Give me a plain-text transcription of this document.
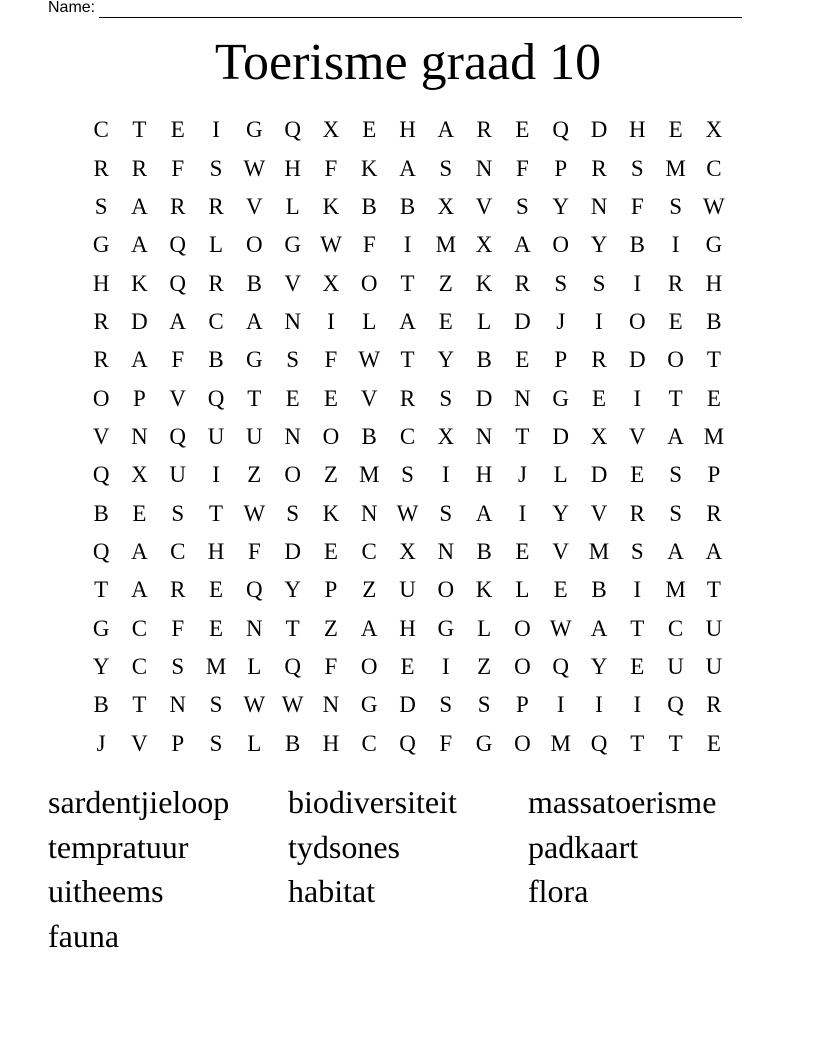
Name:
Toerisme graad 10
C	T	E	I	G Q X E H A R	E Q D H E X
R R	F	S W H	F	K A	S	N	F	P	R	S M C
S	A R R V L K B B X V	S	Y N	F	S W
G A Q L O G W F	I	M X A O Y B	I	G
H K Q R B V X O T	Z K R	S	S	I	R H
R D A C A N	I	L A E	L D	J	I	O E	B
R A	F	B G	S	F W T Y B	E	P	R D O T
O	P	V Q T	E	E V R	S	D N G E	I	T	E
V N Q U U N O B C X N T D X V A M
Q X U	I	Z O Z M S	I	H	J	L D E	S	P
B	E	S	T W S	K N W S	A	I	Y V R	S	R
Q A C H	F	D E	C X N B	E V M S	A A
T A R	E Q Y	P	Z U O K L	E	B	I	M T
G C	F	E N T	Z A H G L O W A T	C U
Y C	S M L Q	F	O E	I	Z O Q Y E U U
B	T N	S W W N G D	S	S	P	I	I	I	Q R
J	V	P	S	L	B H C Q	F	G O M Q T	T	E
sardentjieloop	biodiversiteit	massatoerisme
tempratuur	tydsones	padkaart
uitheems	habitat	flora
fauna
